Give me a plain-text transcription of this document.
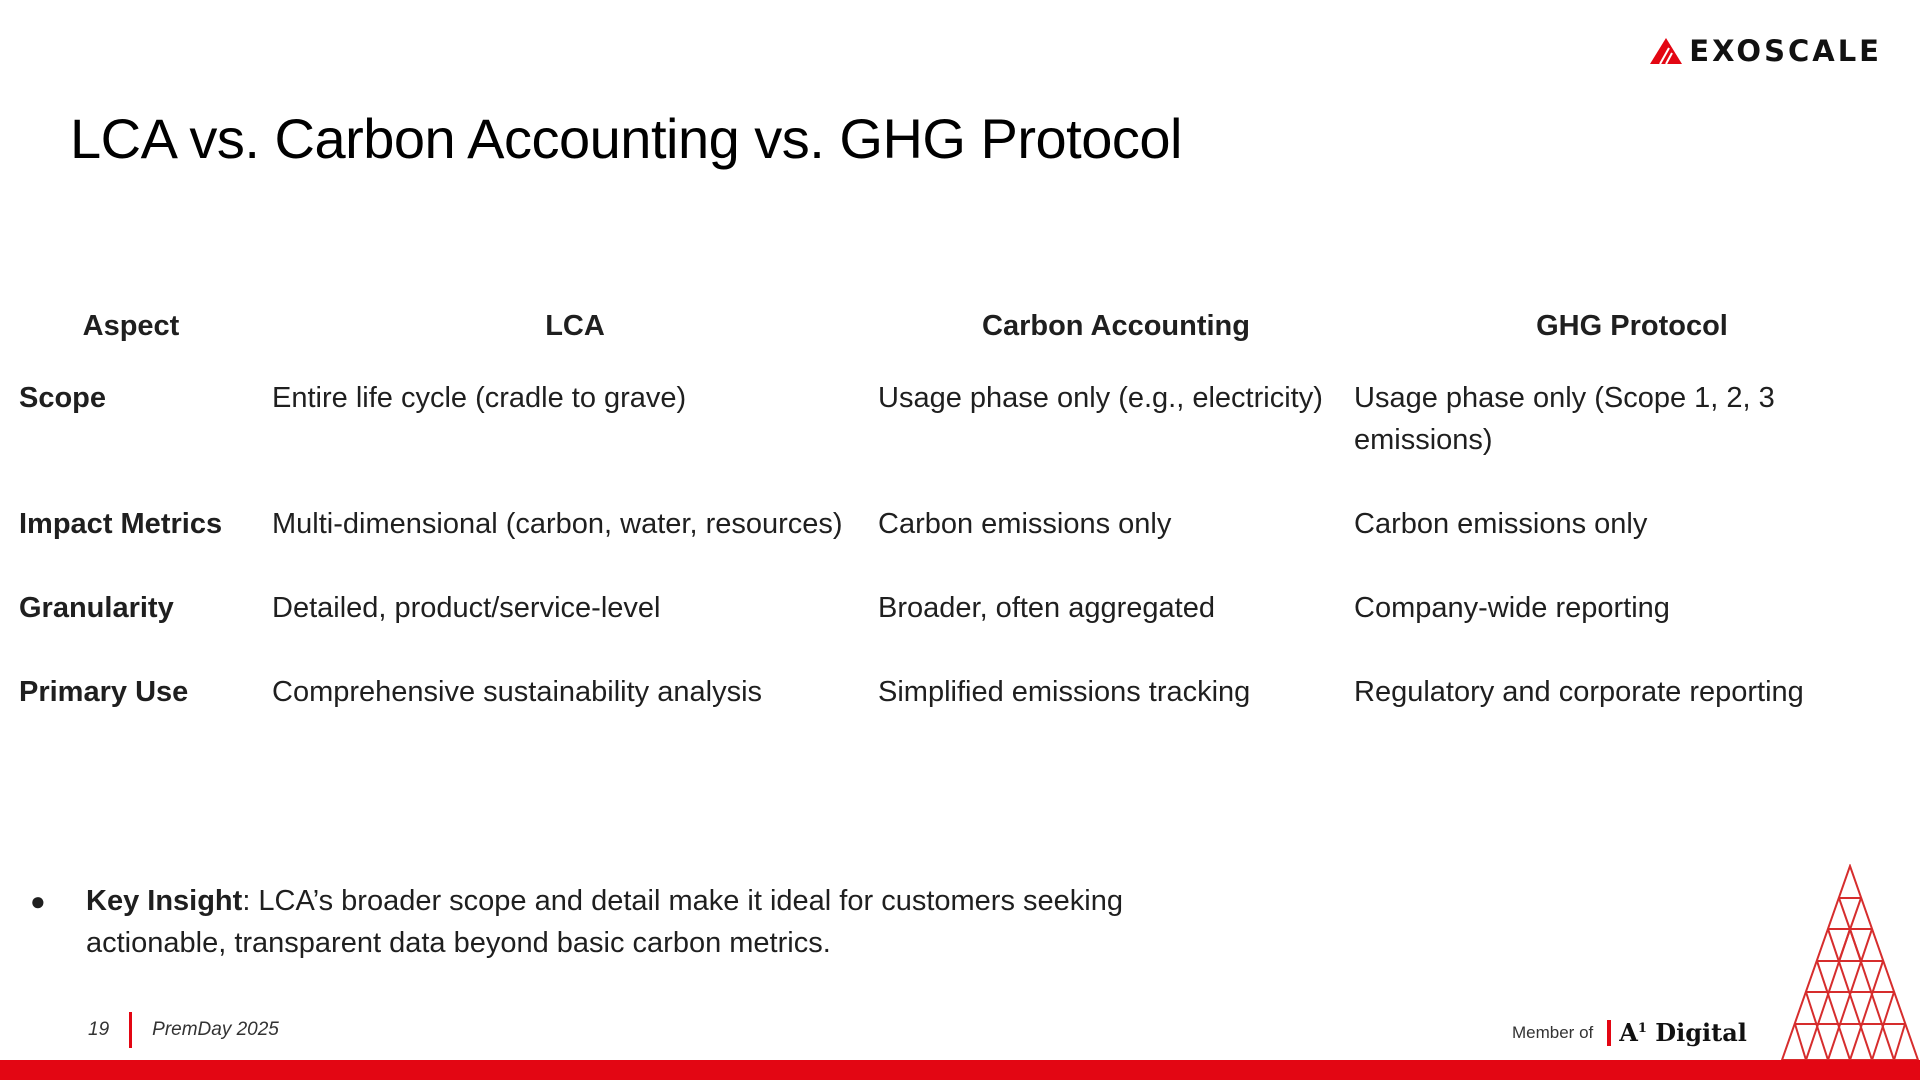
EXOSCALE
LCA vs. Carbon Accounting vs. GHG Protocol
Aspect	LCA	Carbon Accounting	GHG Protocol
Scope	Entire life cycle (cradle to grave)	Usage phase only (e.g., electricity)	Usage phase only (Scope 1, 2, 3 emissions)
Impact Metrics	Multi-dimensional (carbon, water, resources)	Carbon emissions only	Carbon emissions only
Granularity	Detailed, product/service-level	Broader, often aggregated	Company-wide reporting
Primary Use	Comprehensive sustainability analysis	Simplified emissions tracking	Regulatory and corporate reporting
●	Key Insight: LCA’s broader scope and detail make it ideal for customers seeking actionable, transparent data beyond basic carbon metrics.
19 PremDay 2025	Member of $A^1$ Digital
